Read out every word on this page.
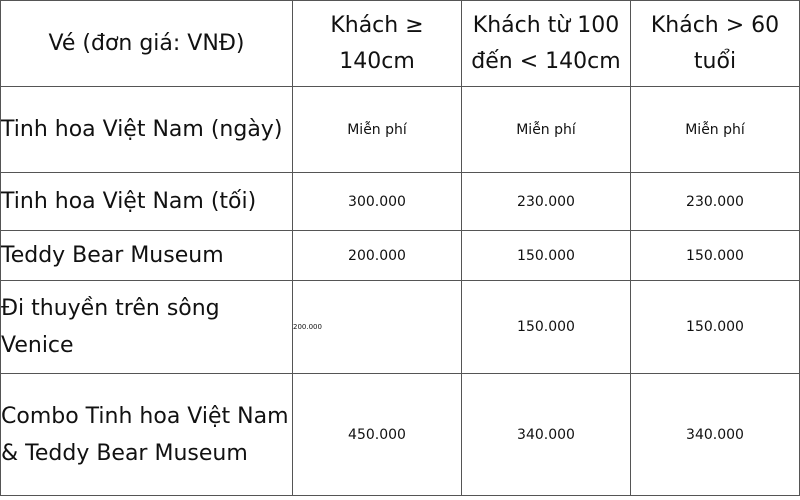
Vé (đơn giá: VNĐ)	Khách ≥ 140cm	Khách từ 100 đến < 140cm	Khách > 60 tuổi
Tinh hoa Việt Nam (ngày)	Miễn phí	Miễn phí	Miễn phí
Tinh hoa Việt Nam (tối)	300.000	230.000	230.000
Teddy Bear Museum	200.000	150.000	150.000
Đi thuyền trên sông Venice	200.000	150.000	150.000
Combo Tinh hoa Việt Nam & Teddy Bear Museum	450.000	340.000	340.000
